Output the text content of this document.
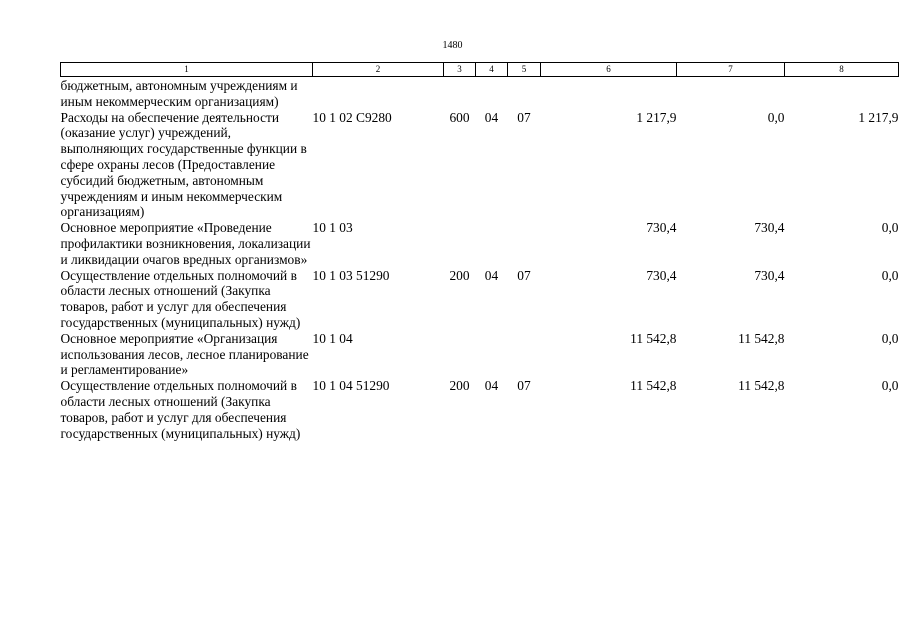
1480
1	2	3	4	5	6	7	8
бюджетным, автономным учреждениям и иным некоммерческим организациям)							
Расходы на обеспечение деятельности (оказание услуг) учреждений, выполняющих государственные функции в сфере охраны лесов (Предоставление субсидий бюджетным, автономным учреждениям и иным некоммерческим организациям)	10 1 02 С9280	600	04	07	1 217,9	0,0	1 217,9
Основное мероприятие «Проведение профилактики возникновения, локализации и ликвидации очагов вредных организмов»	10 1 03				730,4	730,4	0,0
Осуществление отдельных полномочий в области лесных отношений (Закупка товаров, работ и услуг для обеспечения государственных (муниципальных) нужд)	10 1 03 51290	200	04	07	730,4	730,4	0,0
Основное мероприятие «Организация использования лесов, лесное планирование и регламентирование»	10 1 04				11 542,8	11 542,8	0,0
Осуществление отдельных полномочий в области лесных отношений (Закупка товаров, работ и услуг для обеспечения государственных (муниципальных) нужд)	10 1 04 51290	200	04	07	11 542,8	11 542,8	0,0
